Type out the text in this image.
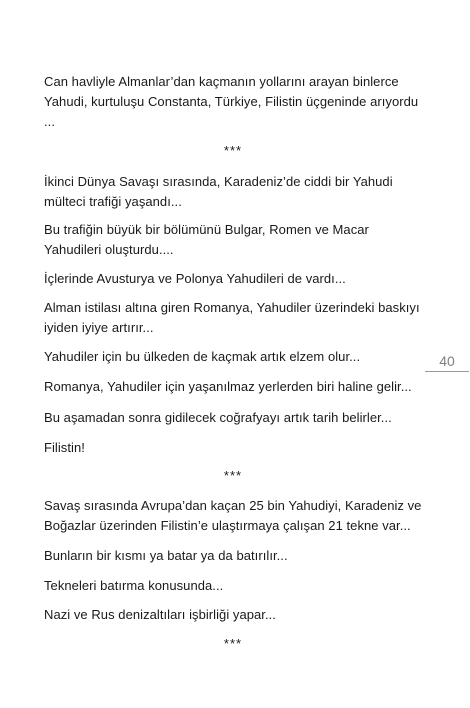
Can havliyle Almanlar’dan kaçmanın yollarını arayan binlerce Yahudi, kurtuluşu Constanta, Türkiye, Filistin üçgeninde arıyordu ...

***

İkinci Dünya Savaşı sırasında, Karadeniz’de ciddi bir Yahudi mülteci trafiği yaşandı...

Bu trafiğin büyük bir bölümünü Bulgar, Romen ve Macar Yahudileri oluşturdu....

İçlerinde Avusturya ve Polonya Yahudileri de vardı...

Alman istilası altına giren Romanya, Yahudiler üzerindeki baskıyı iyiden iyiye artırır...

Yahudiler için bu ülkeden de kaçmak artık elzem olur...

Romanya, Yahudiler için yaşanılmaz yerlerden biri haline gelir...

Bu aşamadan sonra gidilecek coğrafyayı artık tarih belirler...

Filistin!

***

Savaş sırasında Avrupa’dan kaçan 25 bin Yahudiyi, Karadeniz ve Boğazlar üzerinden Filistin’e ulaştırmaya çalışan 21 tekne var...

Bunların bir kısmı ya batar ya da batırılır...

Tekneleri batırma konusunda...

Nazi ve Rus denizaltıları işbirliği yapar...

***
40
